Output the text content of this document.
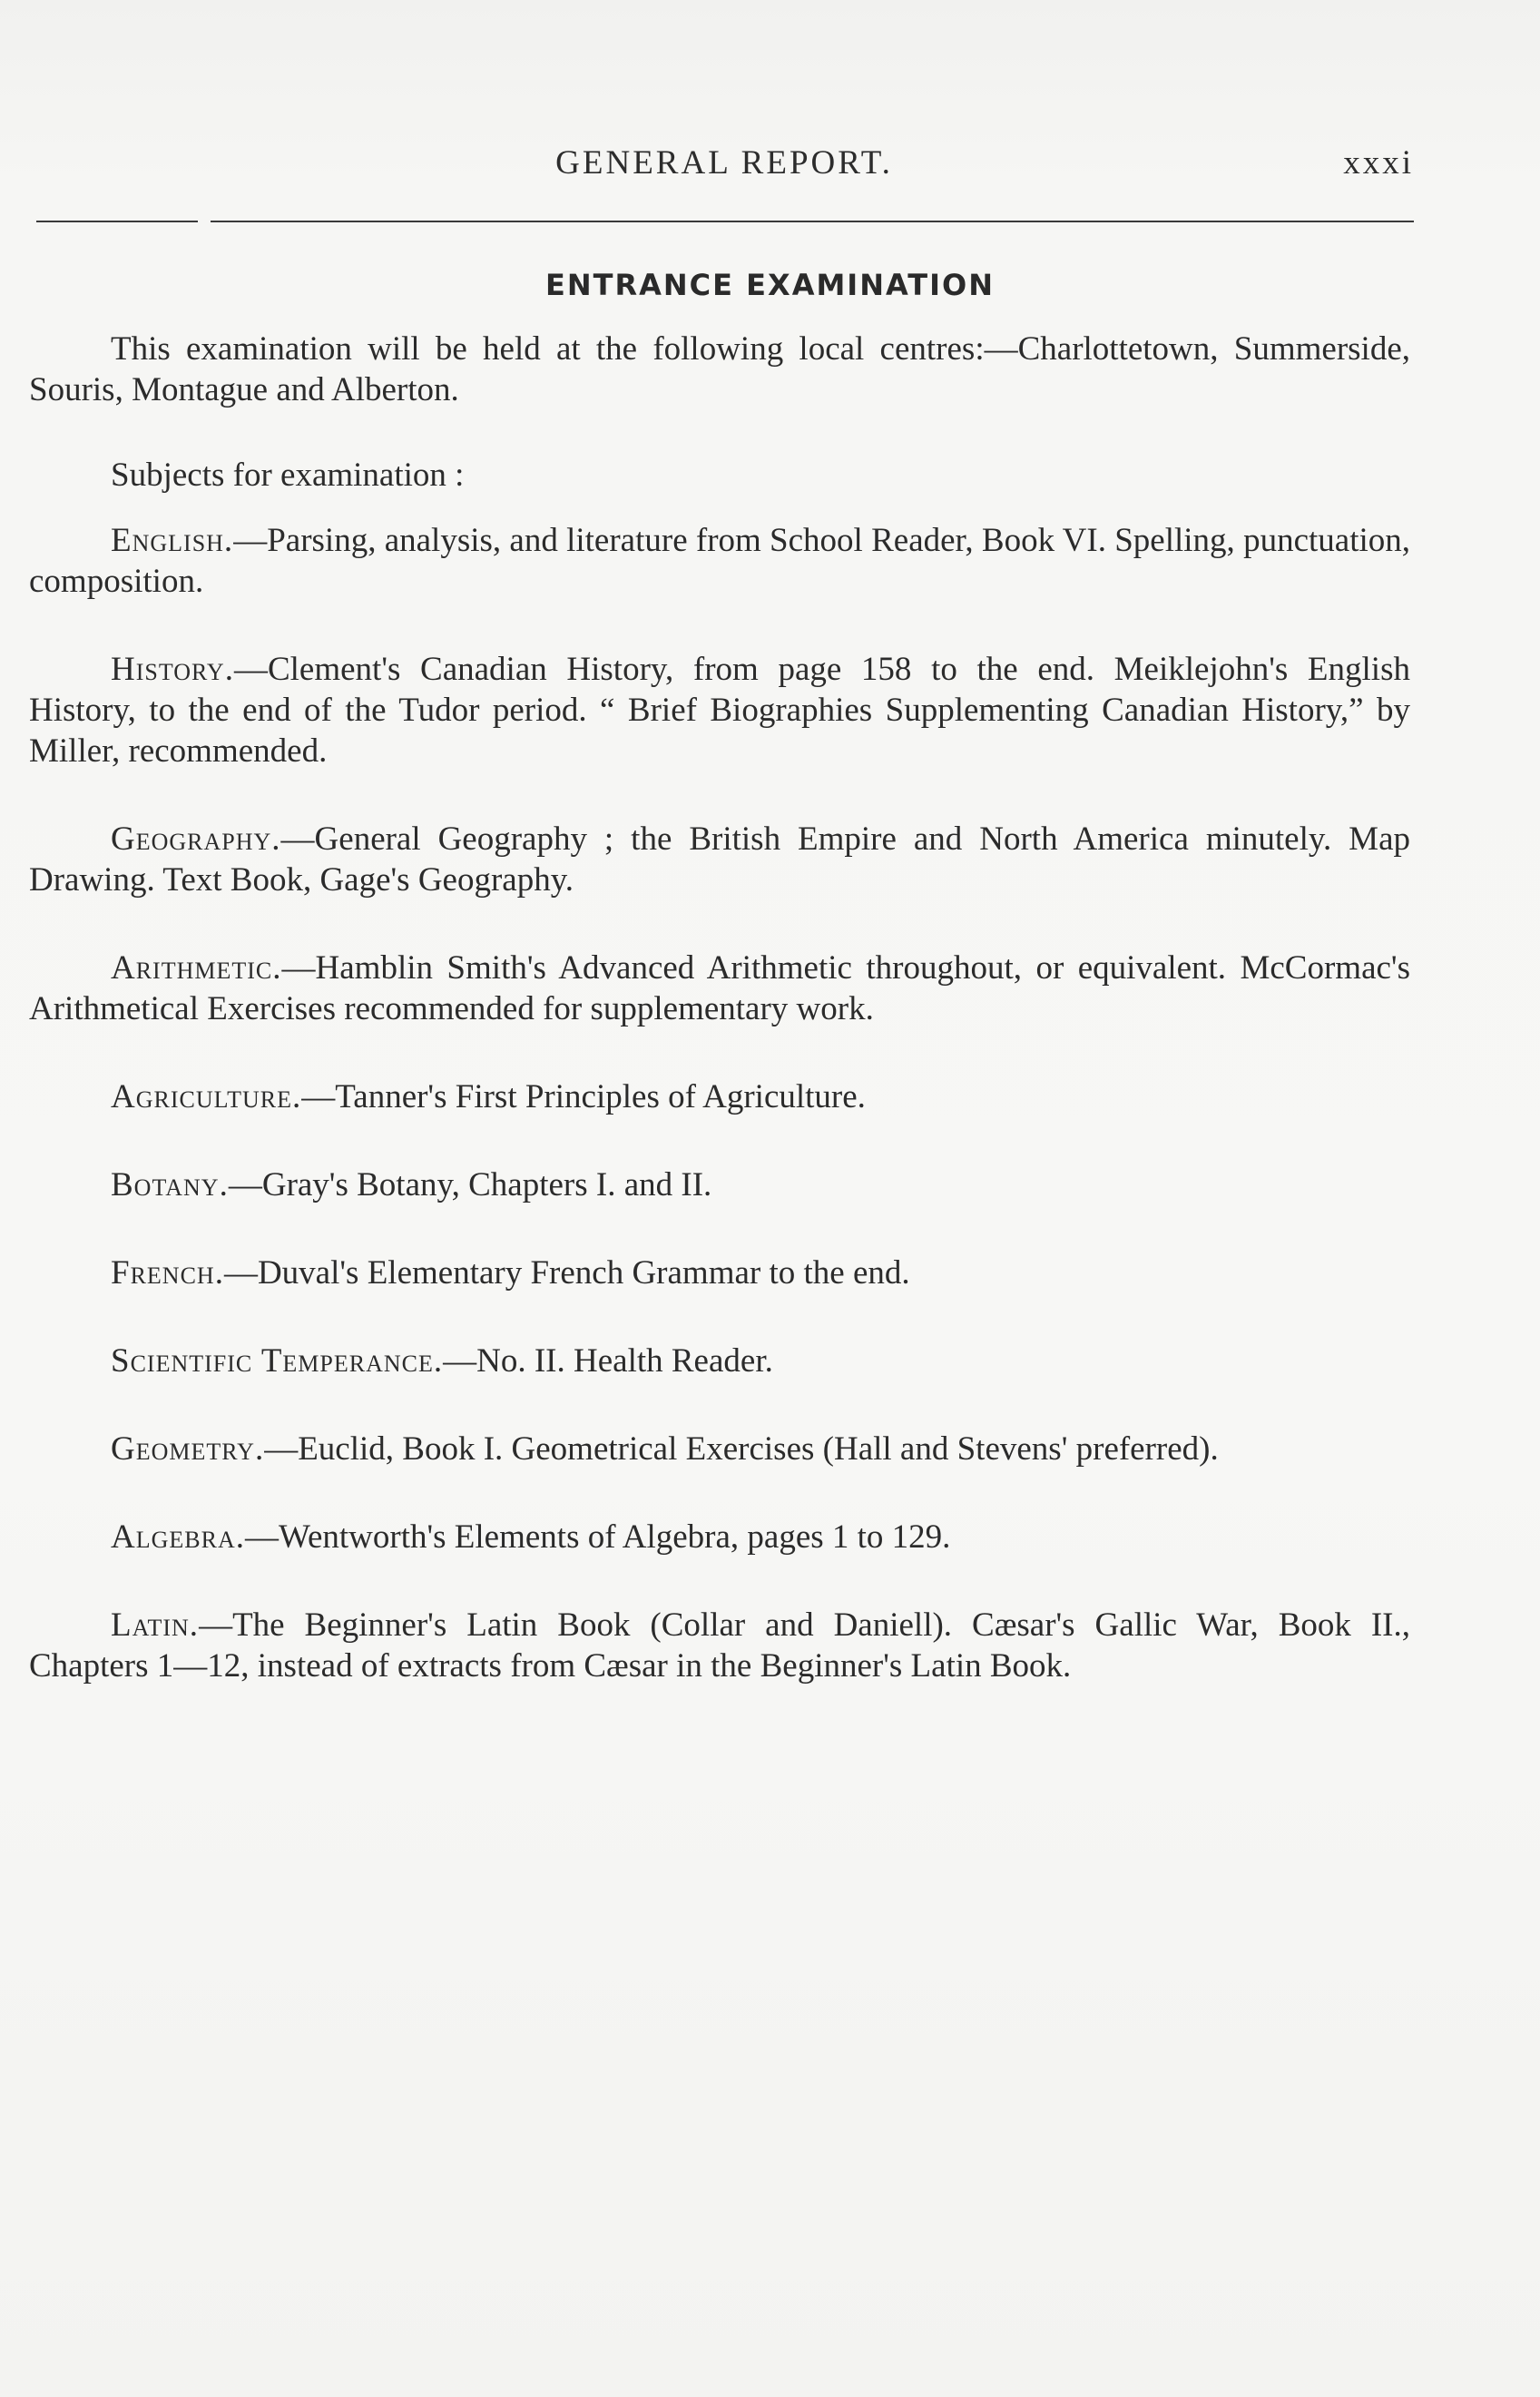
GENERAL REPORT.	xxxi
ENTRANCE EXAMINATION

This examination will be held at the following local centres:—Charlottetown, Summerside, Souris, Montague and Alberton.

Subjects for examination :

English.—Parsing, analysis, and literature from School Reader, Book VI. Spelling, punctuation, composition.

History.—Clement's Canadian History, from page 158 to the end. Meiklejohn's English History, to the end of the Tudor period. “ Brief Biographies Supplementing Canadian History,” by Miller, recommended.

Geography.—General Geography ; the British Empire and North America minutely. Map Drawing. Text Book, Gage's Geography.

Arithmetic.—Hamblin Smith's Advanced Arithmetic throughout, or equivalent. McCormac's Arithmetical Exercises recommended for supplementary work.

Agriculture.—Tanner's First Principles of Agriculture.

Botany.—Gray's Botany, Chapters I. and II.

French.—Duval's Elementary French Grammar to the end.

Scientific Temperance.—No. II. Health Reader.

Geometry.—Euclid, Book I. Geometrical Exercises (Hall and Stevens' preferred).

Algebra.—Wentworth's Elements of Algebra, pages 1 to 129.

Latin.—The Beginner's Latin Book (Collar and Daniell). Cæsar's Gallic War, Book II., Chapters 1—12, instead of extracts from Cæsar in the Beginner's Latin Book.
